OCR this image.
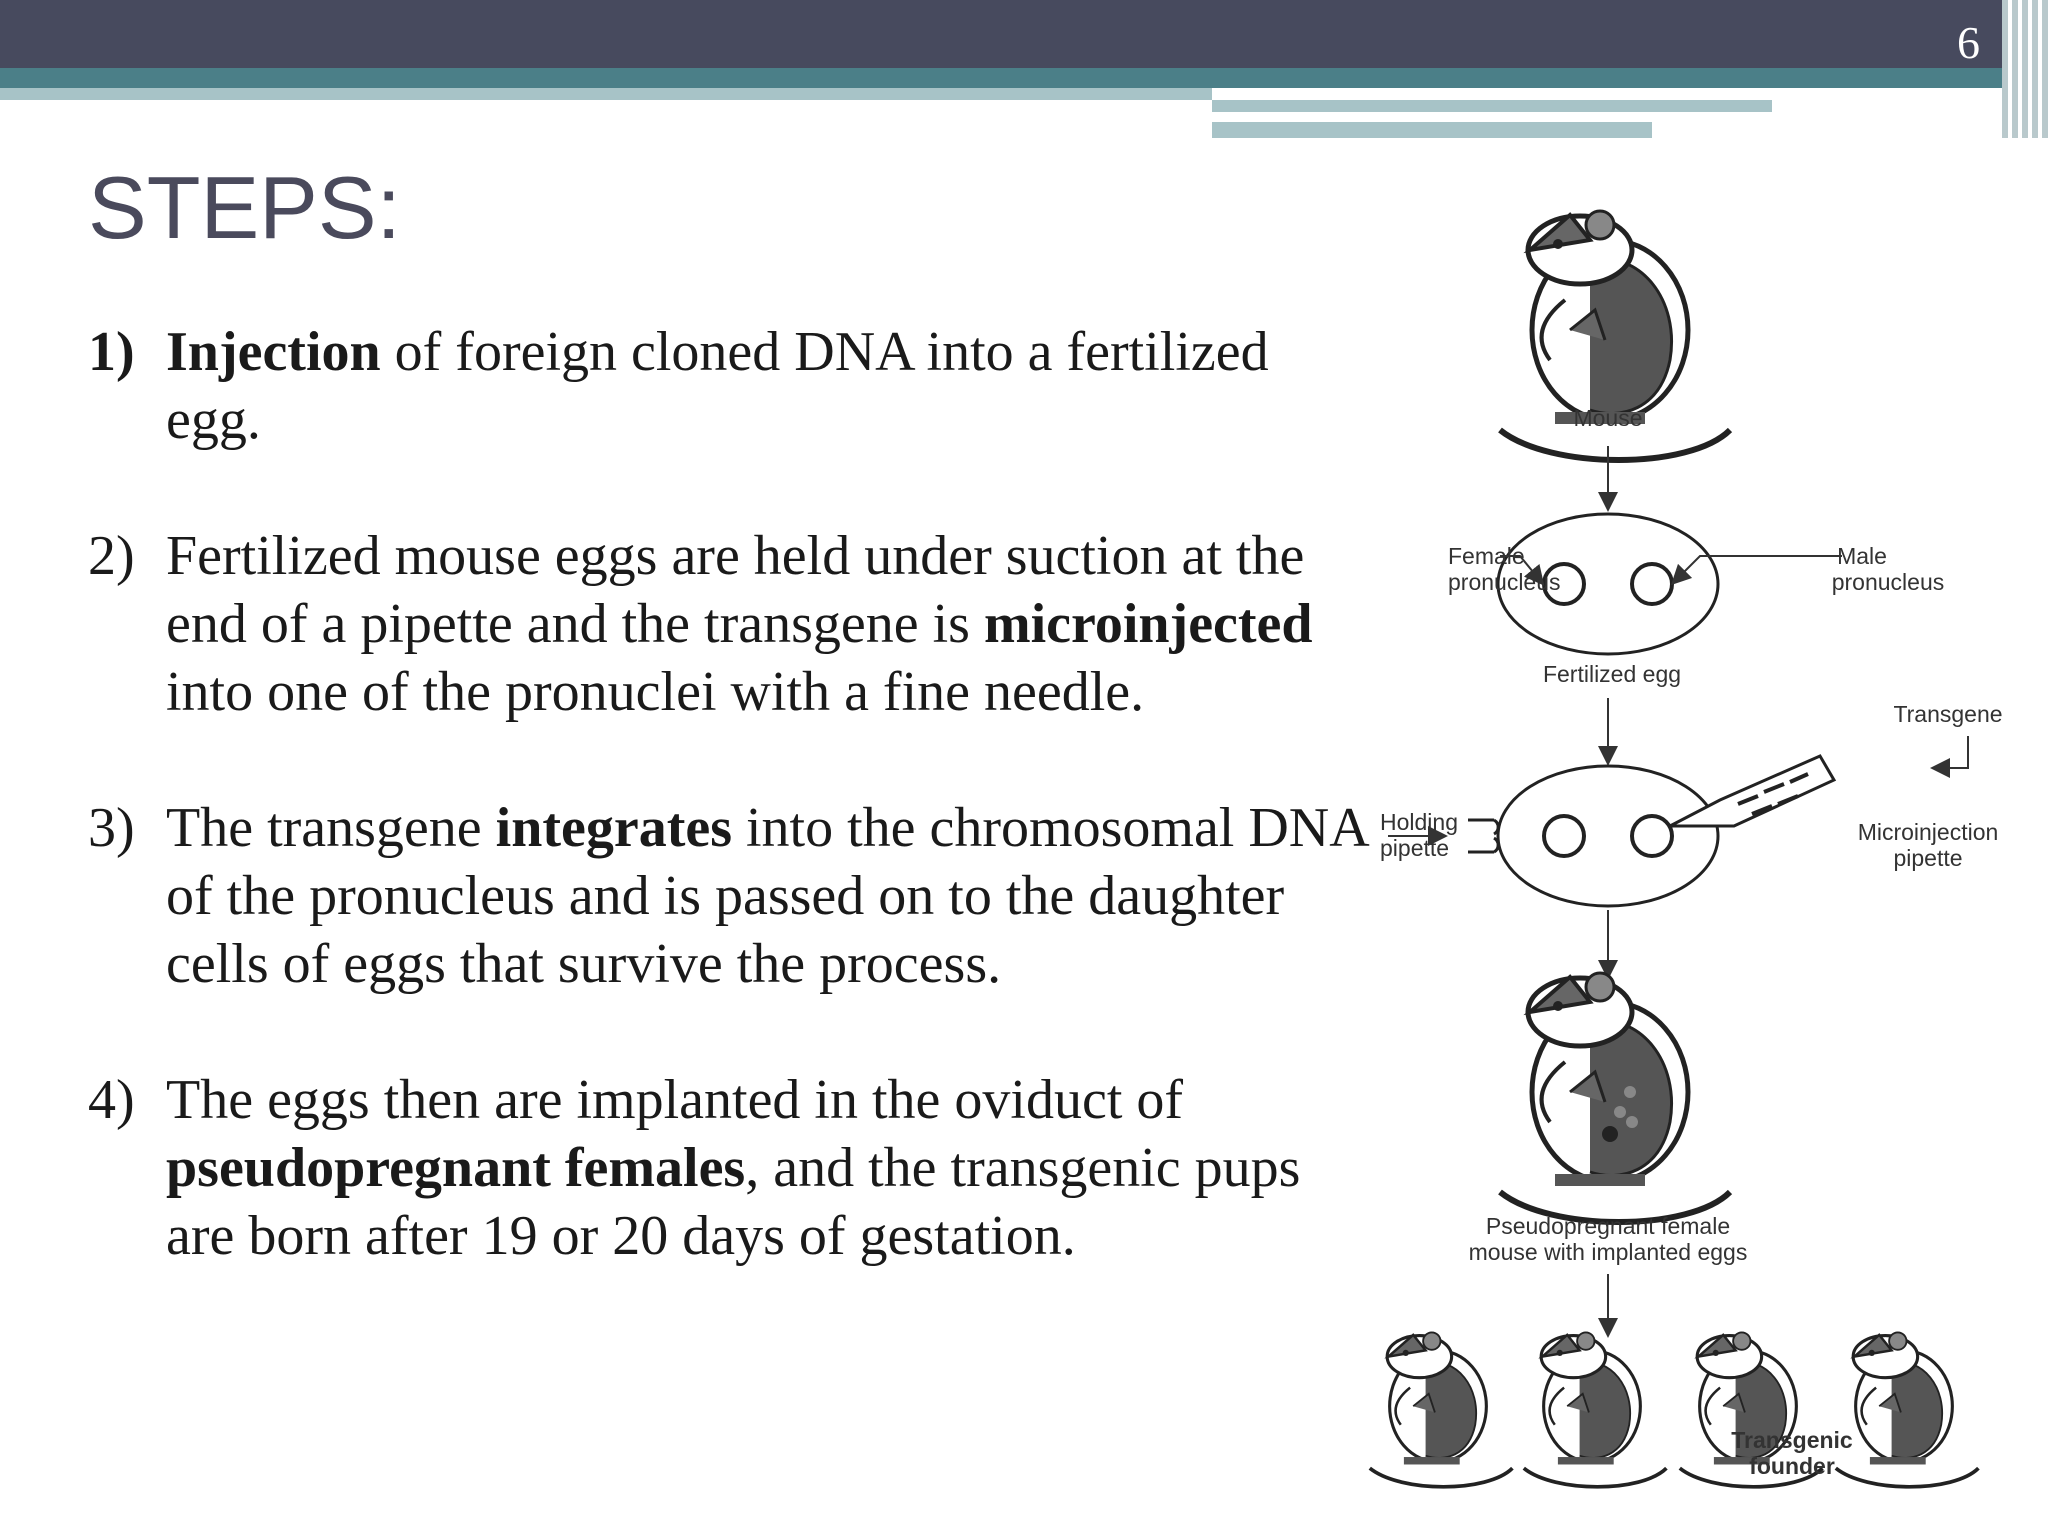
6
STEPS:
1) Injection of foreign cloned DNA into a fertilized egg.
2) Fertilized mouse eggs are held under suction at the end of a pipette and the transgene is microinjected into one of the pronuclei with a fine needle.
3) The transgene integrates into the chromosomal DNA of the pronucleus and is passed on to the daughter cells of eggs that survive the process.
4) The eggs then are implanted in the oviduct of pseudopregnant females, and the transgenic pups are born after 19 or 20 days of gestation.
Mouse
Female
pronucleus
Male
pronucleus
Fertilized egg
Holding
pipette
Transgene
Microinjection
pipette
Pseudopregnant female
mouse with implanted eggs
Transgenic
founder
